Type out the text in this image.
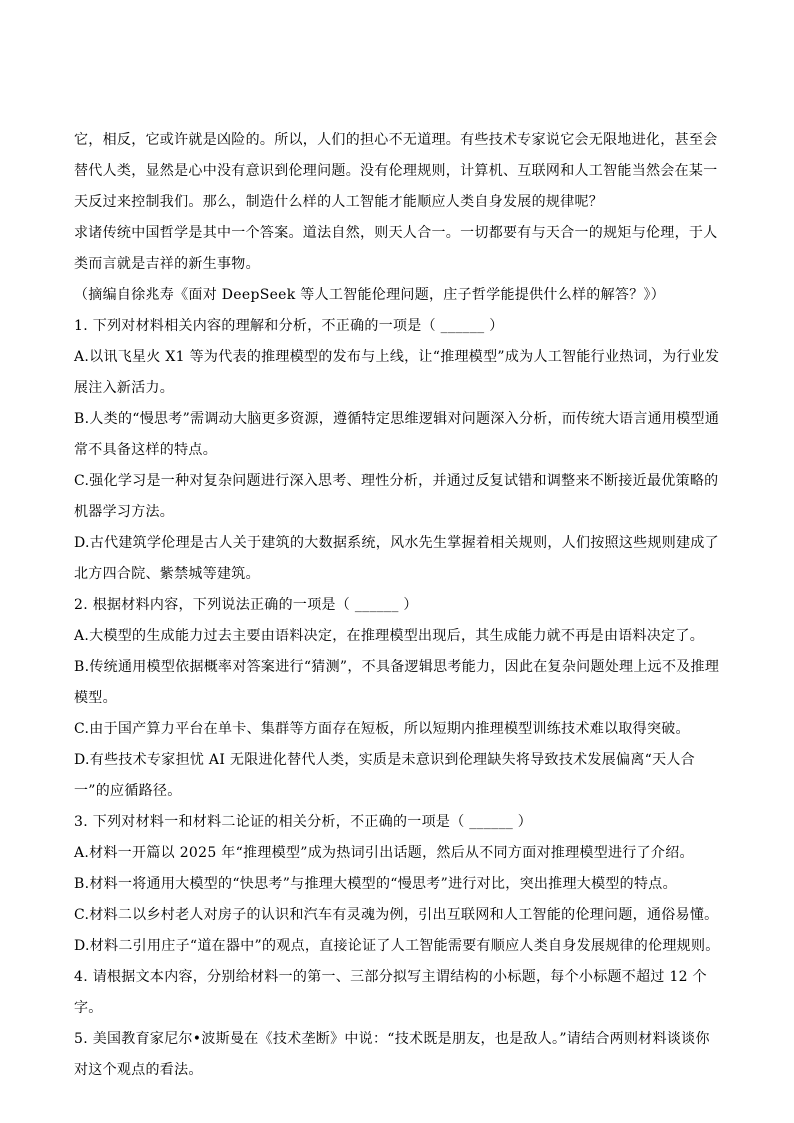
它，相反，它或许就是凶险的。所以，人们的担心不无道理。有些技术专家说它会无限地进化，甚至会替代人类，显然是心中没有意识到伦理问题。没有伦理规则，计算机、互联网和人工智能当然会在某一天反过来控制我们。那么，制造什么样的人工智能才能顺应人类自身发展的规律呢？

求诸传统中国哲学是其中一个答案。道法自然，则天人合一。一切都要有与天合一的规矩与伦理，于人类而言就是吉祥的新生事物。

（摘编自徐兆寿《面对 DeepSeek 等人工智能伦理问题，庄子哲学能提供什么样的解答？》）

1. 下列对材料相关内容的理解和分析，不正确的一项是（ ______ ）

A.以讯飞星火 X1 等为代表的推理模型的发布与上线，让“推理模型”成为人工智能行业热词，为行业发展注入新活力。

B.人类的“慢思考”需调动大脑更多资源，遵循特定思维逻辑对问题深入分析，而传统大语言通用模型通常不具备这样的特点。

C.强化学习是一种对复杂问题进行深入思考、理性分析，并通过反复试错和调整来不断接近最优策略的机器学习方法。

D.古代建筑学伦理是古人关于建筑的大数据系统，风水先生掌握着相关规则，人们按照这些规则建成了北方四合院、紫禁城等建筑。

2. 根据材料内容，下列说法正确的一项是（ ______ ）

A.大模型的生成能力过去主要由语料决定，在推理模型出现后，其生成能力就不再是由语料决定了。

B.传统通用模型依据概率对答案进行“猜测”，不具备逻辑思考能力，因此在复杂问题处理上远不及推理模型。

C.由于国产算力平台在单卡、集群等方面存在短板，所以短期内推理模型训练技术难以取得突破。

D.有些技术专家担忧 AI 无限进化替代人类，实质是未意识到伦理缺失将导致技术发展偏离“天人合一”的应循路径。

3. 下列对材料一和材料二论证的相关分析，不正确的一项是（ ______ ）

A.材料一开篇以 2025 年“推理模型”成为热词引出话题，然后从不同方面对推理模型进行了介绍。

B.材料一将通用大模型的“快思考”与推理大模型的“慢思考”进行对比，突出推理大模型的特点。

C.材料二以乡村老人对房子的认识和汽车有灵魂为例，引出互联网和人工智能的伦理问题，通俗易懂。

D.材料二引用庄子“道在器中”的观点，直接论证了人工智能需要有顺应人类自身发展规律的伦理规则。

4. 请根据文本内容，分别给材料一的第一、三部分拟写主谓结构的小标题，每个小标题不超过 12 个字。

5. 美国教育家尼尔•波斯曼在《技术垄断》中说：“技术既是朋友，也是敌人。”请结合两则材料谈谈你对这个观点的看法。
